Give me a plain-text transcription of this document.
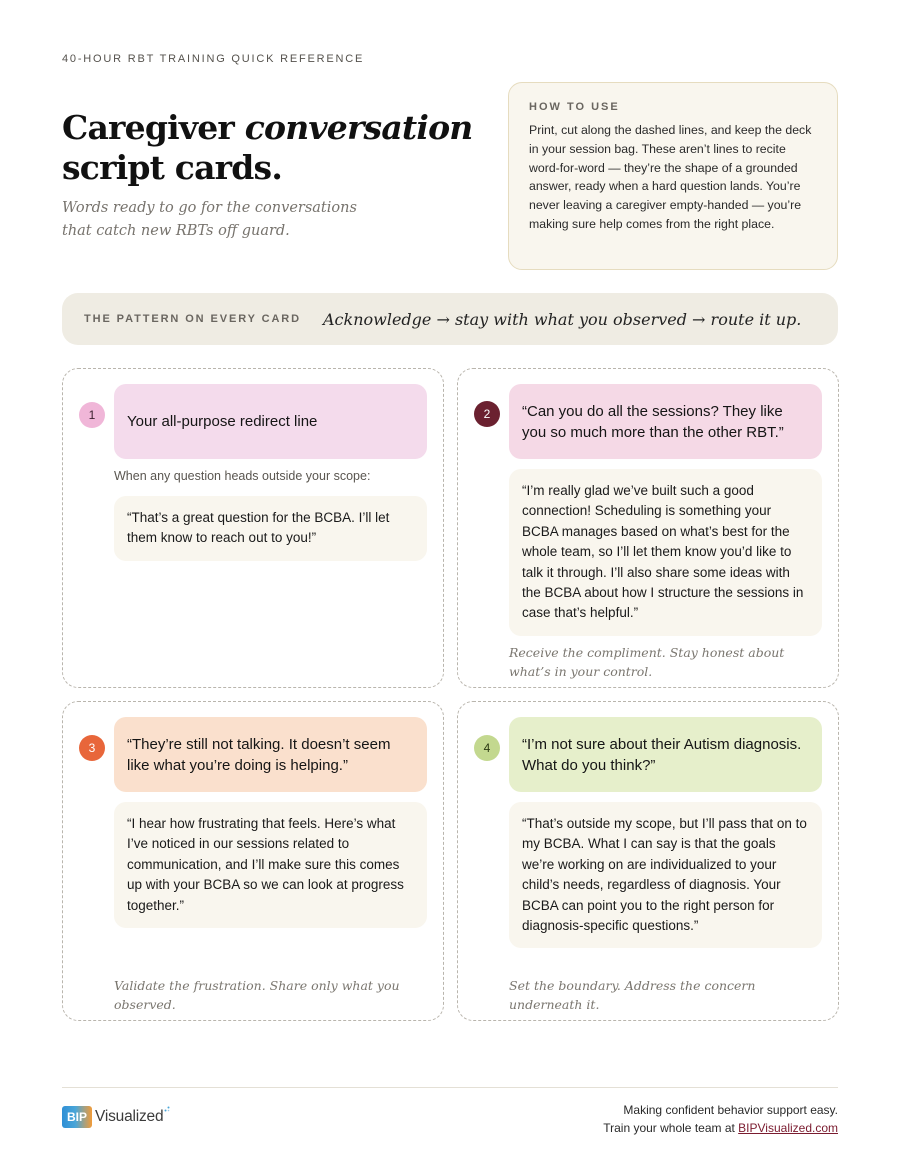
40-HOUR RBT TRAINING QUICK REFERENCE
Caregiver conversation
script cards.
Words ready to go for the conversations that catch new RBTs off guard.
HOW TO USE
Print, cut along the dashed lines, and keep the deck in your session bag. These aren’t lines to recite word-for-word — they’re the shape of a grounded answer, ready when a hard question lands. You’re never leaving a caregiver empty-handed — you’re making sure help comes from the right place.
THE PATTERN ON EVERY CARD Acknowledge → stay with what you observed → route it up.
1	Your all-purpose redirect line
When any question heads outside your scope:
“That’s a great question for the BCBA. I’ll let them know to reach out to you!”
2	“Can you do all the sessions? They like you so much more than the other RBT.”
“I’m really glad we’ve built such a good connection! Scheduling is something your BCBA manages based on what’s best for the whole team, so I’ll let them know you’d like to talk it through. I’ll also share some ideas with the BCBA about how I structure the sessions in case that’s helpful.”
Receive the compliment. Stay honest about what’s in your control.
3	“They’re still not talking. It doesn’t seem like what you’re doing is helping.”
“I hear how frustrating that feels. Here’s what I’ve noticed in our sessions related to communication, and I’ll make sure this comes up with your BCBA so we can look at progress together.”
Validate the frustration. Share only what you observed.
4	“I’m not sure about their Autism diagnosis. What do you think?”
“That’s outside my scope, but I’ll pass that on to my BCBA. What I can say is that the goals we’re working on are individualized to your child’s needs, regardless of diagnosis. Your BCBA can point you to the right person for diagnosis-specific questions.”
Set the boundary. Address the concern underneath it.
BIP Visualized	Making confident behavior support easy.
Train your whole team at BIPVisualized.com
